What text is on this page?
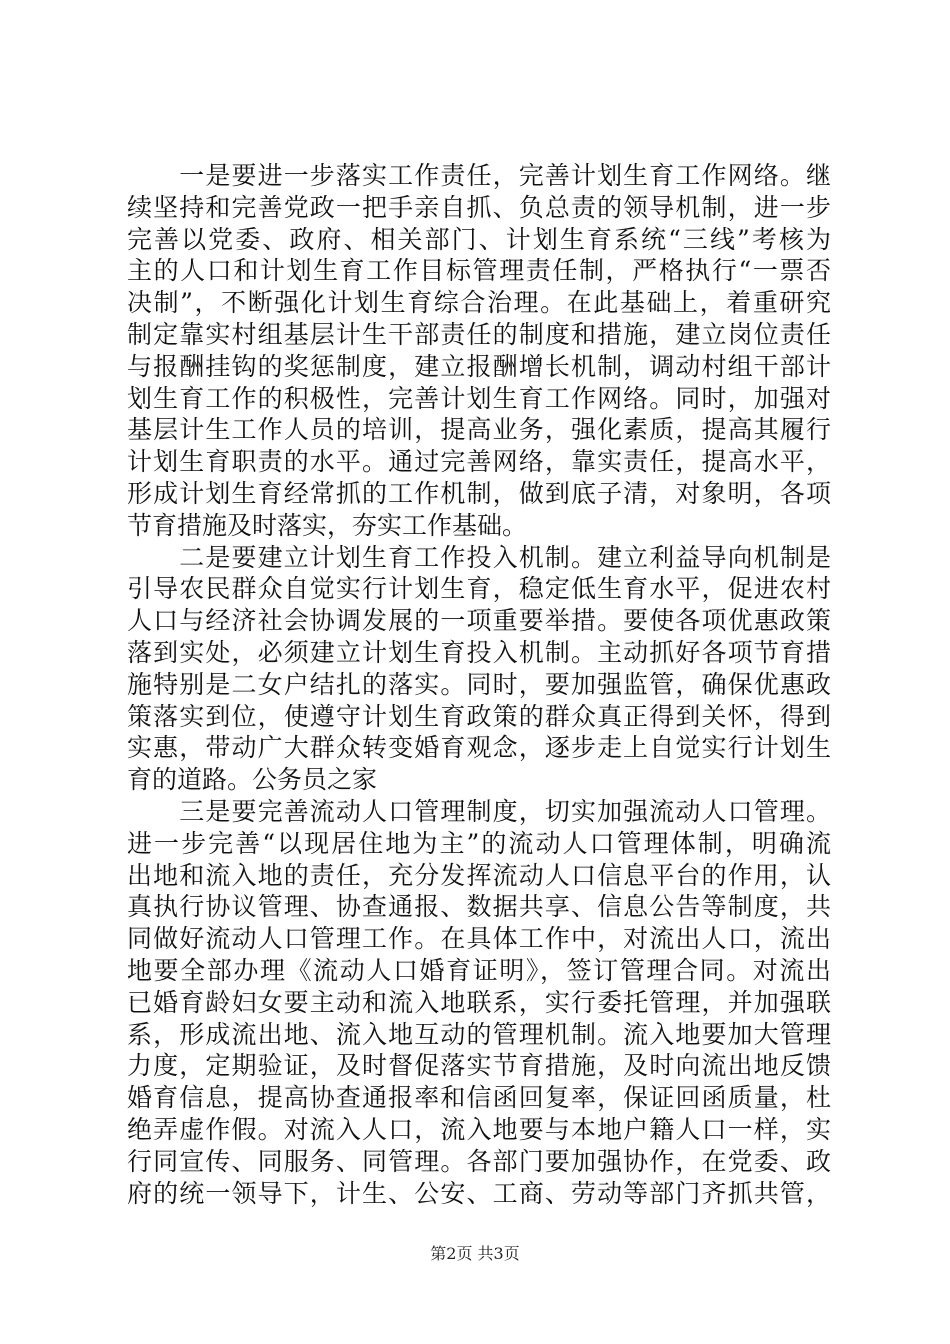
　　一是要进一步落实工作责任，完善计划生育工作网络。继
续坚持和完善党政一把手亲自抓、负总责的领导机制，进一步
完善以党委、政府、相关部门、计划生育系统“三线”考核为
主的人口和计划生育工作目标管理责任制，严格执行“一票否
决制”，不断强化计划生育综合治理。在此基础上，着重研究
制定靠实村组基层计生干部责任的制度和措施，建立岗位责任
与报酬挂钩的奖惩制度，建立报酬增长机制，调动村组干部计
划生育工作的积极性，完善计划生育工作网络。同时，加强对
基层计生工作人员的培训，提高业务，强化素质，提高其履行
计划生育职责的水平。通过完善网络，靠实责任，提高水平，
形成计划生育经常抓的工作机制，做到底子清，对象明，各项
节育措施及时落实，夯实工作基础。
　　二是要建立计划生育工作投入机制。建立利益导向机制是
引导农民群众自觉实行计划生育，稳定低生育水平，促进农村
人口与经济社会协调发展的一项重要举措。要使各项优惠政策
落到实处，必须建立计划生育投入机制。主动抓好各项节育措
施特别是二女户结扎的落实。同时，要加强监管，确保优惠政
策落实到位，使遵守计划生育政策的群众真正得到关怀，得到
实惠，带动广大群众转变婚育观念，逐步走上自觉实行计划生
育的道路。公务员之家
　　三是要完善流动人口管理制度，切实加强流动人口管理。
进一步完善“以现居住地为主”的流动人口管理体制，明确流
出地和流入地的责任，充分发挥流动人口信息平台的作用，认
真执行协议管理、协查通报、数据共享、信息公告等制度，共
同做好流动人口管理工作。在具体工作中，对流出人口，流出
地要全部办理《流动人口婚育证明》，签订管理合同。对流出
已婚育龄妇女要主动和流入地联系，实行委托管理，并加强联
系，形成流出地、流入地互动的管理机制。流入地要加大管理
力度，定期验证，及时督促落实节育措施，及时向流出地反馈
婚育信息，提高协查通报率和信函回复率，保证回函质量，杜
绝弄虚作假。对流入人口，流入地要与本地户籍人口一样，实
行同宣传、同服务、同管理。各部门要加强协作，在党委、政
府的统一领导下，计生、公安、工商、劳动等部门齐抓共管，
第2页 共3页
